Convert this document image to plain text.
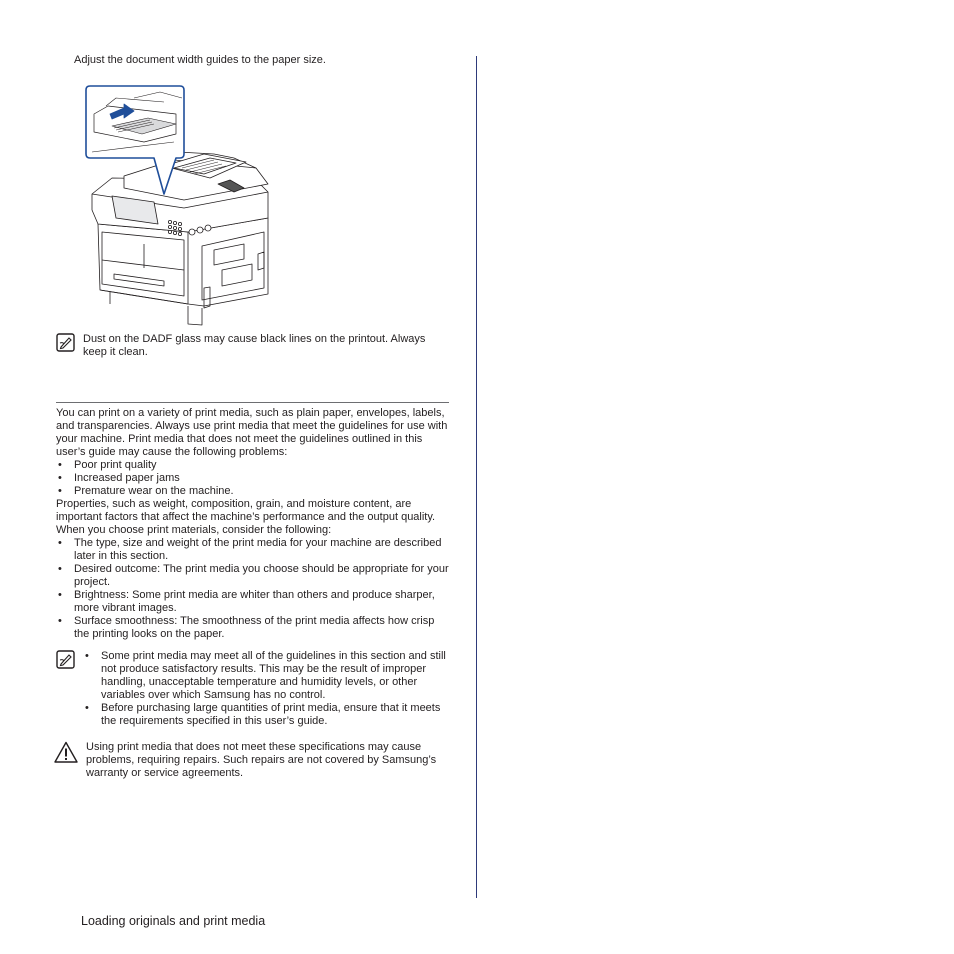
Adjust the document width guides to the paper size.
Dust on the DADF glass may cause black lines on the printout. Always keep it clean.

You can print on a variety of print media, such as plain paper, envelopes, labels, and transparencies. Always use print media that meet the guidelines for use with your machine. Print media that does not meet the guidelines outlined in this user’s guide may cause the following problems:

• Poor print quality
• Increased paper jams
• Premature wear on the machine.

Properties, such as weight, composition, grain, and moisture content, are important factors that affect the machine’s performance and the output quality. When you choose print materials, consider the following:

• The type, size and weight of the print media for your machine are described later in this section.
• Desired outcome: The print media you choose should be appropriate for your project.
• Brightness: Some print media are whiter than others and produce sharper, more vibrant images.
• Surface smoothness: The smoothness of the print media affects how crisp the printing looks on the paper.
• Some print media may meet all of the guidelines in this section and still not produce satisfactory results. This may be the result of improper handling, unacceptable temperature and humidity levels, or other variables over which Samsung has no control.
• Before purchasing large quantities of print media, ensure that it meets the requirements specified in this user’s guide.
Using print media that does not meet these specifications may cause problems, requiring repairs. Such repairs are not covered by Samsung’s warranty or service agreements.
Loading originals and print media
